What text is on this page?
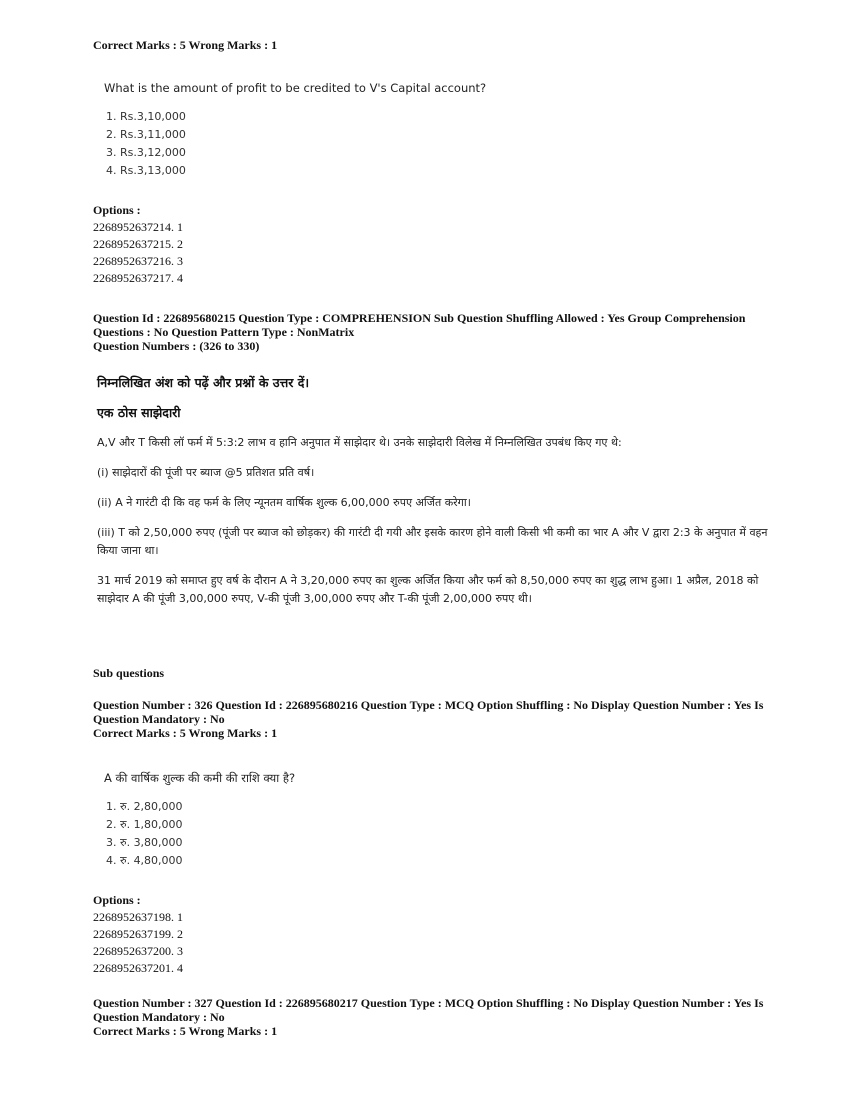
Correct Marks : 5 Wrong Marks : 1
What is the amount of profit to be credited to V's Capital account?
1. Rs.3,10,000
2. Rs.3,11,000
3. Rs.3,12,000
4. Rs.3,13,000
Options :
2268952637214. 1
2268952637215. 2
2268952637216. 3
2268952637217. 4
Question Id : 226895680215 Question Type : COMPREHENSION Sub Question Shuffling Allowed : Yes Group Comprehension
Questions : No Question Pattern Type : NonMatrix
Question Numbers : (326 to 330)
निम्नलिखित अंश को पढ़ें और प्रश्नों के उत्तर दें।
एक ठोस साझेदारी
A,V और T किसी लॉ फर्म में 5:3:2 लाभ व हानि अनुपात में साझेदार थे। उनके साझेदारी विलेख में निम्नलिखित उपबंध किए गए थे:
(i) साझेदारों की पूंजी पर ब्याज @5 प्रतिशत प्रति वर्ष।
(ii) A ने गारंटी दी कि वह फर्म के लिए न्यूनतम वार्षिक शुल्क 6,00,000 रुपए अर्जित करेगा।
(iii) T को 2,50,000 रुपए (पूंजी पर ब्याज को छोड़कर) की गारंटी दी गयी और इसके कारण होने वाली किसी भी कमी का भार A और V द्वारा 2:3 के अनुपात में वहन किया जाना था।
31 मार्च 2019 को समाप्त हुए वर्ष के दौरान A ने 3,20,000 रुपए का शुल्क अर्जित किया और फर्म को 8,50,000 रुपए का शुद्ध लाभ हुआ। 1 अप्रैल, 2018 को साझेदार A की पूंजी 3,00,000 रुपए, V-की पूंजी 3,00,000 रुपए और T-की पूंजी 2,00,000 रुपए थी।
Sub questions
Question Number : 326 Question Id : 226895680216 Question Type : MCQ Option Shuffling : No Display Question Number : Yes Is
Question Mandatory : No
Correct Marks : 5 Wrong Marks : 1
A की वार्षिक शुल्क की कमी की राशि क्या है?
1. रु. 2,80,000
2. रु. 1,80,000
3. रु. 3,80,000
4. रु. 4,80,000
Options :
2268952637198. 1
2268952637199. 2
2268952637200. 3
2268952637201. 4
Question Number : 327 Question Id : 226895680217 Question Type : MCQ Option Shuffling : No Display Question Number : Yes Is
Question Mandatory : No
Correct Marks : 5 Wrong Marks : 1
